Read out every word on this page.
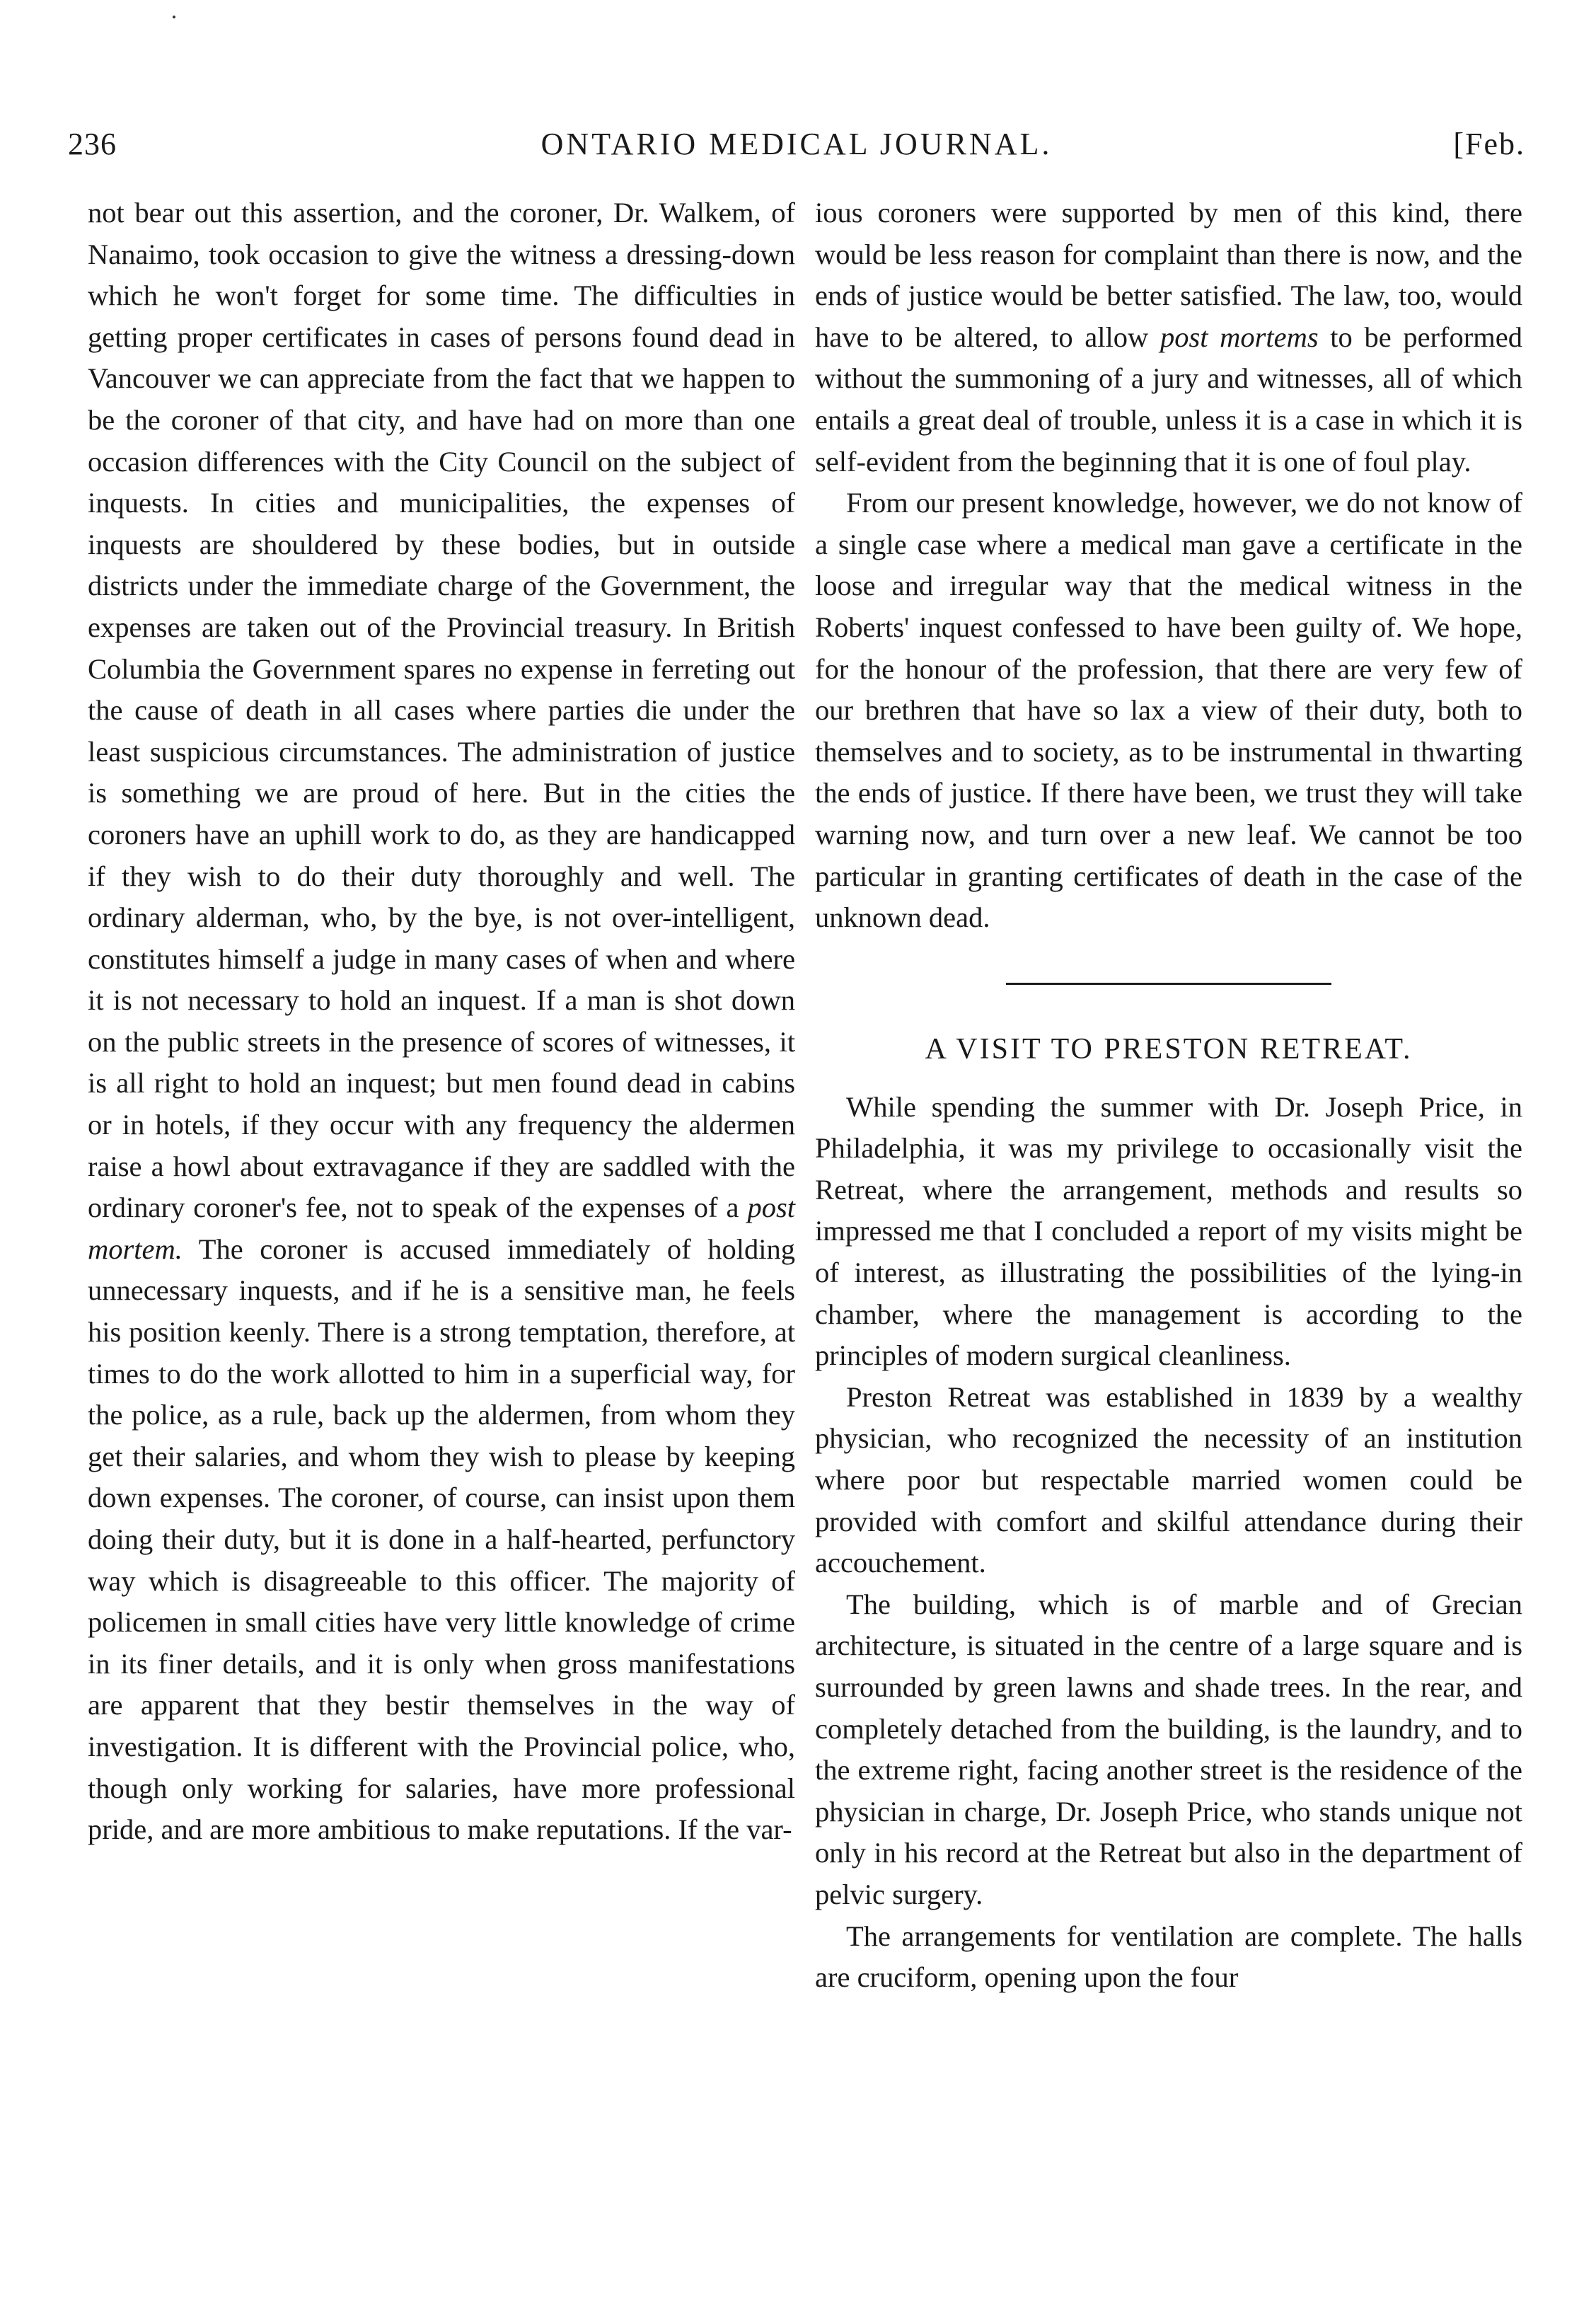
236	ONTARIO MEDICAL JOURNAL.	[Feb.

not bear out this assertion, and the coroner, Dr. Walkem, of Nanaimo, took occasion to give the witness a dressing-down which he won't forget for some time. The difficulties in getting proper certificates in cases of persons found dead in Vancouver we can appreciate from the fact that we happen to be the coroner of that city, and have had on more than one occasion differences with the City Council on the subject of inquests. In cities and municipalities, the expenses of inquests are shouldered by these bodies, but in outside districts under the immediate charge of the Government, the expenses are taken out of the Provincial treasury. In British Columbia the Government spares no expense in ferreting out the cause of death in all cases where parties die under the least suspicious circumstances. The administration of justice is something we are proud of here. But in the cities the coroners have an uphill work to do, as they are handicapped if they wish to do their duty thoroughly and well. The ordinary alderman, who, by the bye, is not over-intelligent, constitutes himself a judge in many cases of when and where it is not necessary to hold an inquest. If a man is shot down on the public streets in the presence of scores of witnesses, it is all right to hold an inquest; but men found dead in cabins or in hotels, if they occur with any frequency the aldermen raise a howl about extravagance if they are saddled with the ordinary coroner's fee, not to speak of the expenses of a post mortem. The coroner is accused immediately of holding unnecessary inquests, and if he is a sensitive man, he feels his position keenly. There is a strong temptation, therefore, at times to do the work allotted to him in a superficial way, for the police, as a rule, back up the aldermen, from whom they get their salaries, and whom they wish to please by keeping down expenses. The coroner, of course, can insist upon them doing their duty, but it is done in a half-hearted, perfunctory way which is disagreeable to this officer. The majority of policemen in small cities have very little knowledge of crime in its finer details, and it is only when gross manifestations are apparent that they bestir themselves in the way of investigation. It is different with the Provincial police, who, though only working for salaries, have more professional pride, and are more ambitious to make reputations. If the var-

ious coroners were supported by men of this kind, there would be less reason for complaint than there is now, and the ends of justice would be better satisfied. The law, too, would have to be altered, to allow post mortems to be performed without the summoning of a jury and witnesses, all of which entails a great deal of trouble, unless it is a case in which it is self-evident from the beginning that it is one of foul play.

From our present knowledge, however, we do not know of a single case where a medical man gave a certificate in the loose and irregular way that the medical witness in the Roberts' inquest confessed to have been guilty of. We hope, for the honour of the profession, that there are very few of our brethren that have so lax a view of their duty, both to themselves and to society, as to be instrumental in thwarting the ends of justice. If there have been, we trust they will take warning now, and turn over a new leaf. We cannot be too particular in granting certificates of death in the case of the unknown dead.

A VISIT TO PRESTON RETREAT.

While spending the summer with Dr. Joseph Price, in Philadelphia, it was my privilege to occasionally visit the Retreat, where the arrangement, methods and results so impressed me that I concluded a report of my visits might be of interest, as illustrating the possibilities of the lying-in chamber, where the management is according to the principles of modern surgical cleanliness.

Preston Retreat was established in 1839 by a wealthy physician, who recognized the necessity of an institution where poor but respectable married women could be provided with comfort and skilful attendance during their accouchement.

The building, which is of marble and of Grecian architecture, is situated in the centre of a large square and is surrounded by green lawns and shade trees. In the rear, and completely detached from the building, is the laundry, and to the extreme right, facing another street is the residence of the physician in charge, Dr. Joseph Price, who stands unique not only in his record at the Retreat but also in the department of pelvic surgery.

The arrangements for ventilation are complete. The halls are cruciform, opening upon the four
